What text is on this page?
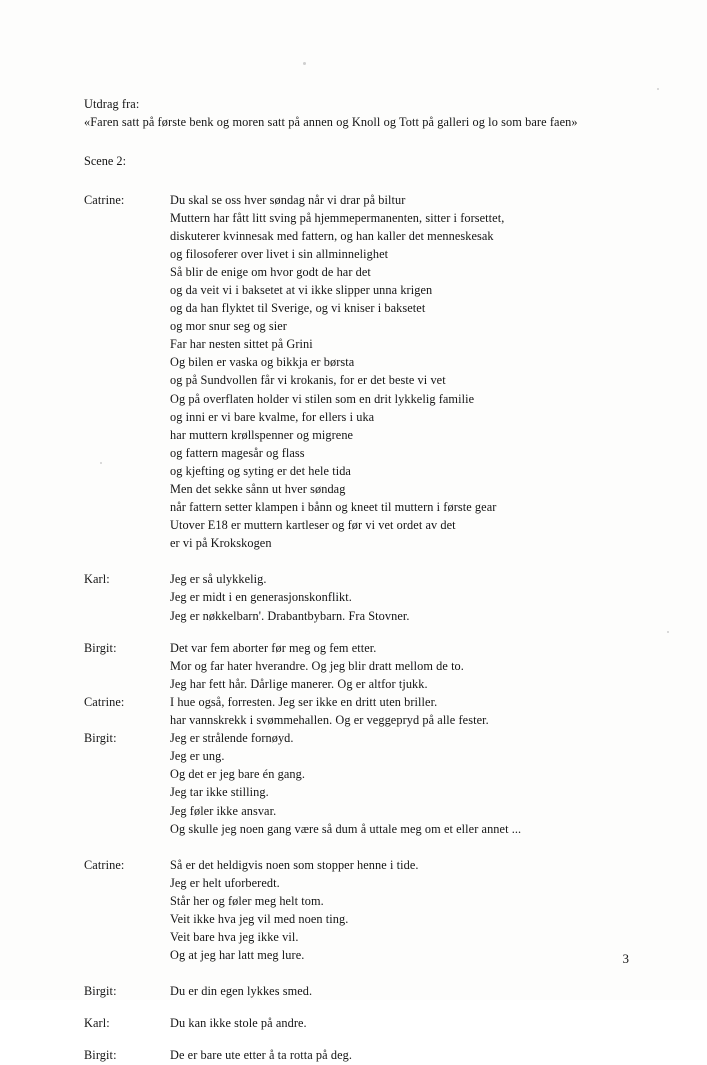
Utdrag fra:
«Faren satt på første benk og moren satt på annen og Knoll og Tott på galleri og lo som bare faen»
Scene 2:
Catrine:	Du skal se oss hver søndag når vi drar på biltur
Muttern har fått litt sving på hjemmepermanenten, sitter i forsettet,
diskuterer kvinnesak med fattern, og han kaller det menneskesak
og filosoferer over livet i sin allminnelighet
Så blir de enige om hvor godt de har det
og da veit vi i baksetet at vi ikke slipper unna krigen
og da han flyktet til Sverige, og vi kniser i baksetet
og mor snur seg og sier
Far har nesten sittet på Grini
Og bilen er vaska og bikkja er børsta
og på Sundvollen får vi krokanis, for er det beste vi vet
Og på overflaten holder vi stilen som en drit lykkelig familie
og inni er vi bare kvalme, for ellers i uka
har muttern krøllspenner og migrene
og fattern magesår og flass
og kjefting og syting er det hele tida
Men det sekke sånn ut hver søndag
når fattern setter klampen i bånn og kneet til muttern i første gear
Utover E18 er muttern kartleser og før vi vet ordet av det
er vi på Krokskogen
Karl:	Jeg er så ulykkelig.
Jeg er midt i en generasjonskonflikt.
Jeg er nøkkelbarn'. Drabantbybarn. Fra Stovner.
Birgit:	Det var fem aborter før meg og fem etter.
Mor og far hater hverandre. Og jeg blir dratt mellom de to.
Jeg har fett hår. Dårlige manerer. Og er altfor tjukk.
Catrine:	I hue også, forresten. Jeg ser ikke en dritt uten briller.
har vannskrekk i svømmehallen. Og er veggepryd på alle fester.
Birgit:	Jeg er strålende fornøyd.
Jeg er ung.
Og det er jeg bare én gang.
Jeg tar ikke stilling.
Jeg føler ikke ansvar.
Og skulle jeg noen gang være så dum å uttale meg om et eller annet ...
Catrine:	Så er det heldigvis noen som stopper henne i tide.
Jeg er helt uforberedt.
Står her og føler meg helt tom.
Veit ikke hva jeg vil med noen ting.
Veit bare hva jeg ikke vil.
Og at jeg har latt meg lure.
Birgit:	Du er din egen lykkes smed.
Karl:	Du kan ikke stole på andre.
Birgit:	De er bare ute etter å ta rotta på deg.
3
